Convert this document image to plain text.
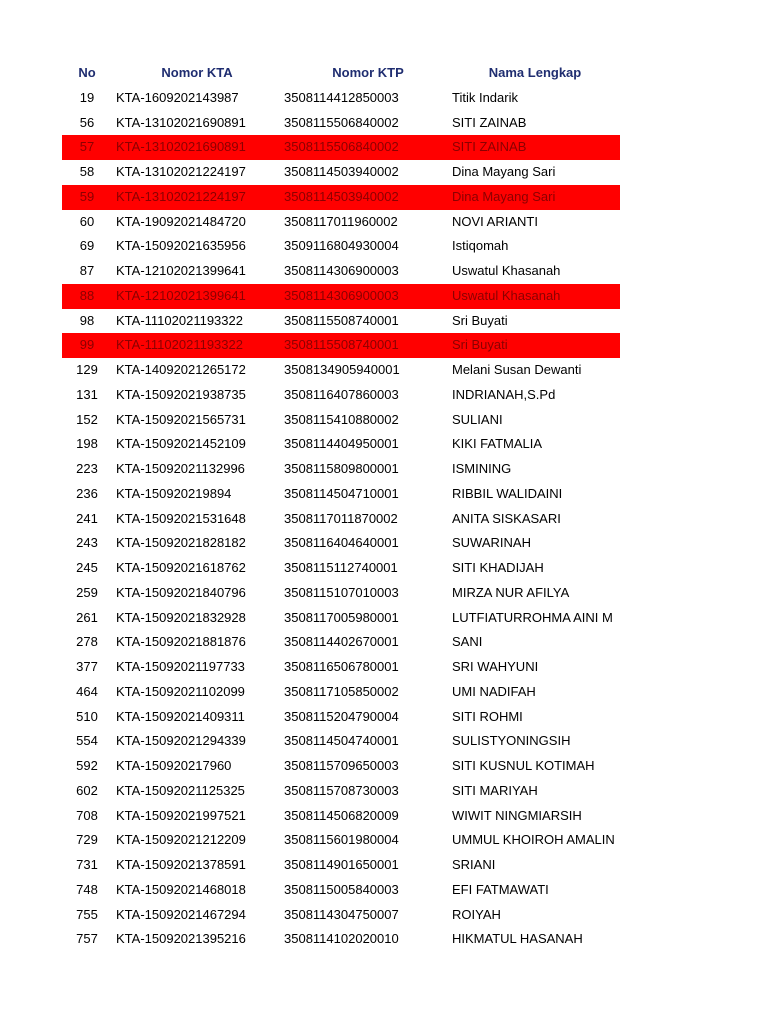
No	Nomor KTA	Nomor KTP	Nama Lengkap
19	KTA-1609202143987	3508114412850003	Titik Indarik
56	KTA-13102021690891	3508115506840002	SITI ZAINAB
57	KTA-13102021690891	3508115506840002	SITI ZAINAB
58	KTA-13102021224197	3508114503940002	Dina Mayang Sari
59	KTA-13102021224197	3508114503940002	Dina Mayang Sari
60	KTA-19092021484720	3508117011960002	NOVI ARIANTI
69	KTA-15092021635956	3509116804930004	Istiqomah
87	KTA-12102021399641	3508114306900003	Uswatul Khasanah
88	KTA-12102021399641	3508114306900003	Uswatul Khasanah
98	KTA-11102021193322	3508115508740001	Sri Buyati
99	KTA-11102021193322	3508115508740001	Sri Buyati
129	KTA-14092021265172	3508134905940001	Melani Susan Dewanti
131	KTA-15092021938735	3508116407860003	INDRIANAH,S.Pd
152	KTA-15092021565731	3508115410880002	SULIANI
198	KTA-15092021452109	3508114404950001	KIKI FATMALIA
223	KTA-15092021132996	3508115809800001	ISMINING
236	KTA-150920219894	3508114504710001	RIBBIL WALIDAINI
241	KTA-15092021531648	3508117011870002	ANITA SISKASARI
243	KTA-15092021828182	3508116404640001	SUWARINAH
245	KTA-15092021618762	3508115112740001	SITI KHADIJAH
259	KTA-15092021840796	3508115107010003	MIRZA NUR AFILYA
261	KTA-15092021832928	3508117005980001	LUTFIATURROHMA AINI M
278	KTA-15092021881876	3508114402670001	SANI
377	KTA-15092021197733	3508116506780001	SRI WAHYUNI
464	KTA-15092021102099	3508117105850002	UMI NADIFAH
510	KTA-15092021409311	3508115204790004	SITI ROHMI
554	KTA-15092021294339	3508114504740001	SULISTYONINGSIH
592	KTA-150920217960	3508115709650003	SITI KUSNUL KOTIMAH
602	KTA-15092021125325	3508115708730003	SITI MARIYAH
708	KTA-15092021997521	3508114506820009	WIWIT NINGMIARSIH
729	KTA-15092021212209	3508115601980004	UMMUL KHOIROH AMALIN
731	KTA-15092021378591	3508114901650001	SRIANI
748	KTA-15092021468018	3508115005840003	EFI FATMAWATI
755	KTA-15092021467294	3508114304750007	ROIYAH
757	KTA-15092021395216	3508114102020010	HIKMATUL HASANAH
